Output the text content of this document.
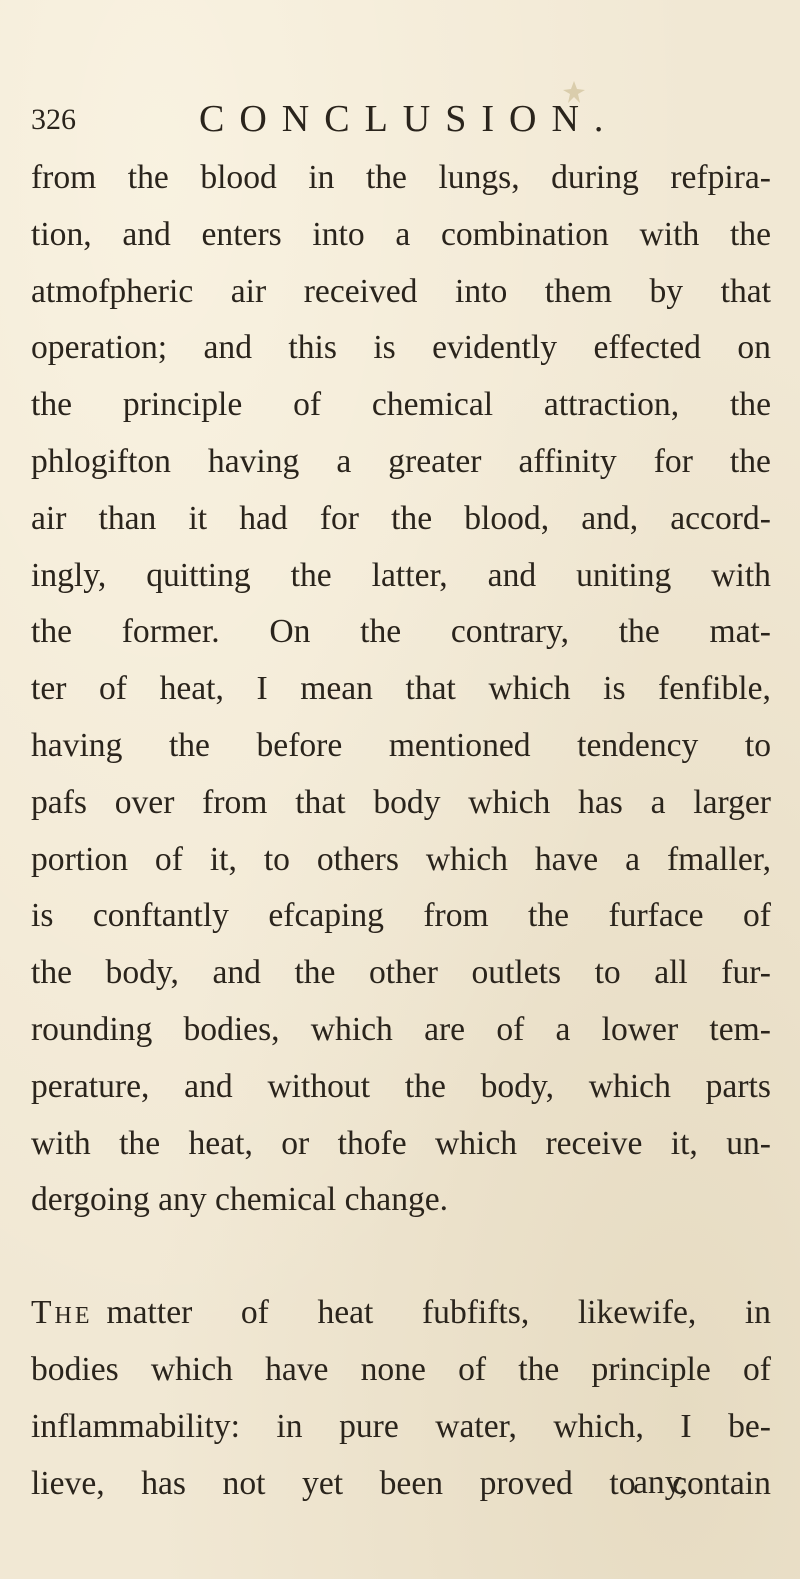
326	CONCLUSION.
from the blood in the lungs, during refpira-
tion, and enters into a combination with the
atmofpheric air received into them by that
operation; and this is evidently effected on
the principle of chemical attraction, the
phlogifton having a greater affinity for the
air than it had for the blood, and, accord-
ingly, quitting the latter, and uniting with
the former. On the contrary, the mat-
ter of heat, I mean that which is fenfible,
having the before mentioned tendency to
pafs over from that body which has a larger
portion of it, to others which have a fmaller,
is conftantly efcaping from the furface of
the body, and the other outlets to all fur-
rounding bodies, which are of a lower tem-
perature, and without the body, which parts
with the heat, or thofe which receive it, un-
dergoing any chemical change.
The matter of heat fubfifts, likewife, in
bodies which have none of the principle of
inflammability: in pure water, which, I be-
lieve, has not yet been proved to contain
any,
